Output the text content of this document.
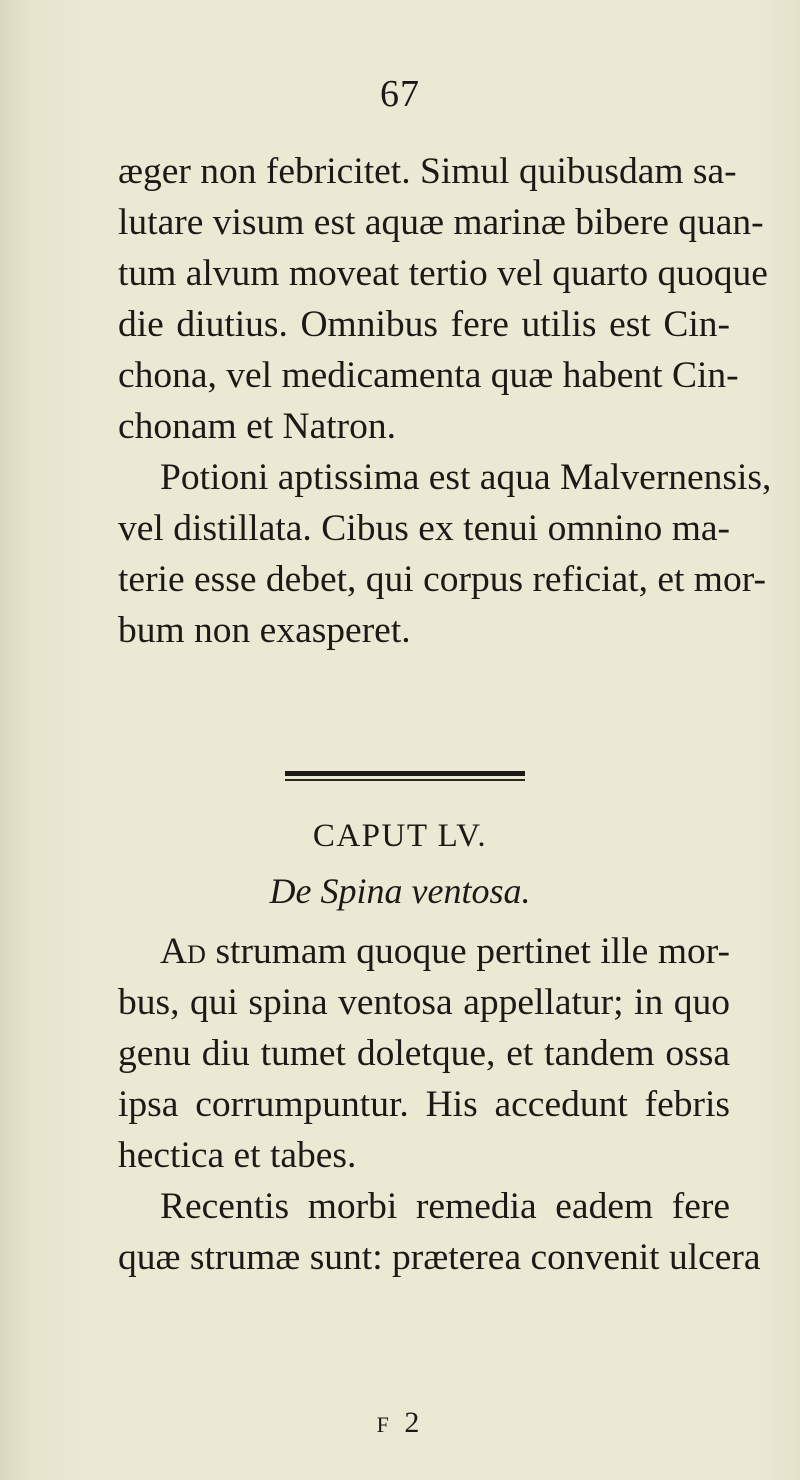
67
æger non febricitet. Simul quibusdam sa-
lutare visum est aquæ marinæ bibere quan-
tum alvum moveat tertio vel quarto quoque
die diutius. Omnibus fere utilis est Cin-
chona, vel medicamenta quæ habent Cin-
chonam et Natron.
Potioni aptissima est aqua Malvernensis,
vel distillata. Cibus ex tenui omnino ma-
terie esse debet, qui corpus reficiat, et mor-
bum non exasperet.
CAPUT LV.
De Spina ventosa.
Ad strumam quoque pertinet ille mor-
bus, qui spina ventosa appellatur; in quo
genu diu tumet doletque, et tandem ossa
ipsa corrumpuntur. His accedunt febris
hectica et tabes.
Recentis morbi remedia eadem fere
quæ strumæ sunt: præterea convenit ulcera
F 2
